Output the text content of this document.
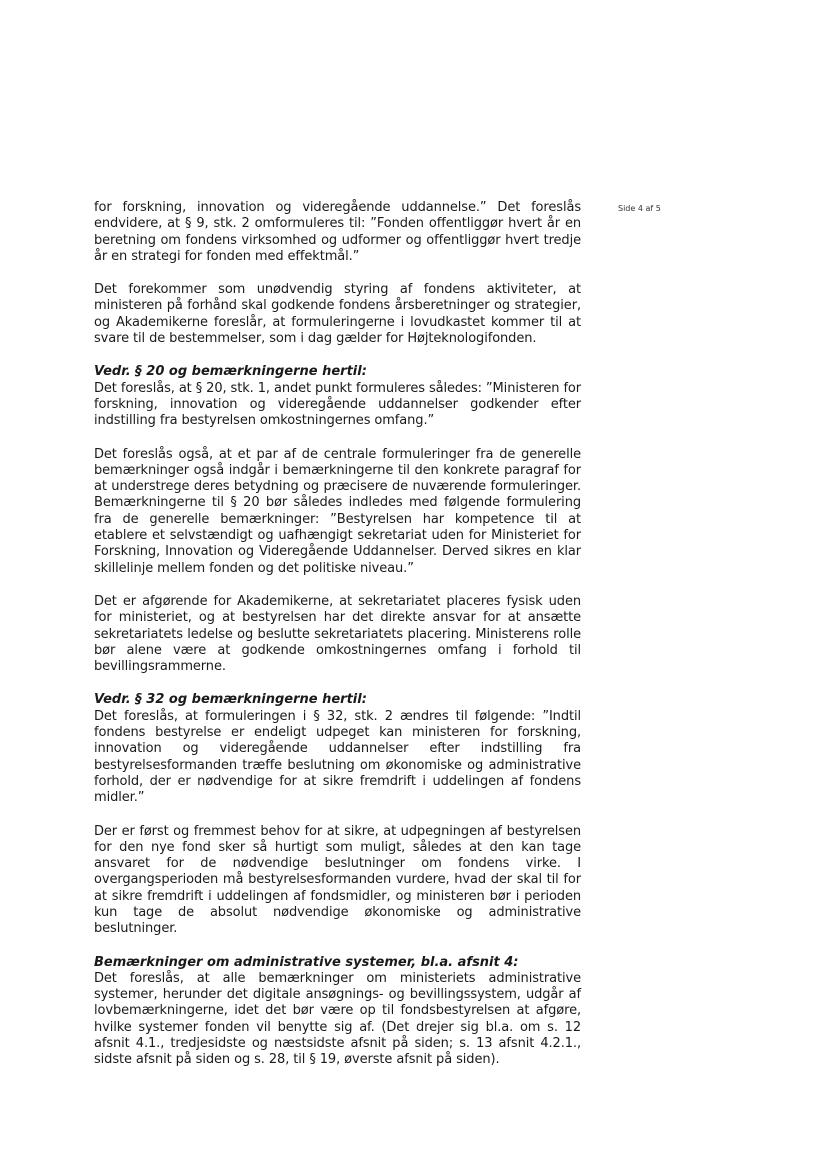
Side 4 af 5

for forskning, innovation og videregående uddannelse.” Det foreslås endvidere, at § 9, stk. 2 omformuleres til: ”Fonden offentliggør hvert år en beretning om fondens virksomhed og udformer og offentliggør hvert tredje år en strategi for fonden med effektmål.”

Det forekommer som unødvendig styring af fondens aktiviteter, at ministeren på forhånd skal godkende fondens årsberetninger og strategier, og Akademikerne foreslår, at formuleringerne i lovudkastet kommer til at svare til de bestemmelser, som i dag gælder for Højteknologifonden.

Vedr. § 20 og bemærkningerne hertil:

Det foreslås, at § 20, stk. 1, andet punkt formuleres således: ”Ministeren for forskning, innovation og videregående uddannelser godkender efter indstilling fra bestyrelsen omkostningernes omfang.”

Det foreslås også, at et par af de centrale formuleringer fra de generelle bemærkninger også indgår i bemærkningerne til den konkrete paragraf for at understrege deres betydning og præcisere de nuværende formuleringer. Bemærkningerne til § 20 bør således indledes med følgende formulering fra de generelle bemærkninger: ”Bestyrelsen har kompetence til at etablere et selvstændigt og uafhængigt sekretariat uden for Ministeriet for Forskning, Innovation og Videregående Uddannelser. Derved sikres en klar skillelinje mellem fonden og det politiske niveau.”

Det er afgørende for Akademikerne, at sekretariatet placeres fysisk uden for ministeriet, og at bestyrelsen har det direkte ansvar for at ansætte sekretariatets ledelse og beslutte sekretariatets placering. Ministerens rolle bør alene være at godkende omkostningernes omfang i forhold til bevillingsrammerne.

Vedr. § 32 og bemærkningerne hertil:

Det foreslås, at formuleringen i § 32, stk. 2 ændres til følgende: ”Indtil fondens bestyrelse er endeligt udpeget kan ministeren for forskning, innovation og videregående uddannelser efter indstilling fra bestyrelsesformanden træffe beslutning om økonomiske og administrative forhold, der er nødvendige for at sikre fremdrift i uddelingen af fondens midler.”

Der er først og fremmest behov for at sikre, at udpegningen af bestyrelsen for den nye fond sker så hurtigt som muligt, således at den kan tage ansvaret for de nødvendige beslutninger om fondens virke. I overgangsperioden må bestyrelsesformanden vurdere, hvad der skal til for at sikre fremdrift i uddelingen af fondsmidler, og ministeren bør i perioden kun tage de absolut nødvendige økonomiske og administrative beslutninger.

Bemærkninger om administrative systemer, bl.a. afsnit 4:

Det foreslås, at alle bemærkninger om ministeriets administrative systemer, herunder det digitale ansøgnings- og bevillingssystem, udgår af lovbemærkningerne, idet det bør være op til fondsbestyrelsen at afgøre, hvilke systemer fonden vil benytte sig af. (Det drejer sig bl.a. om s. 12 afsnit 4.1., tredjesidste og næstsidste afsnit på siden; s. 13 afsnit 4.2.1., sidste afsnit på siden og s. 28, til § 19, øverste afsnit på siden).
